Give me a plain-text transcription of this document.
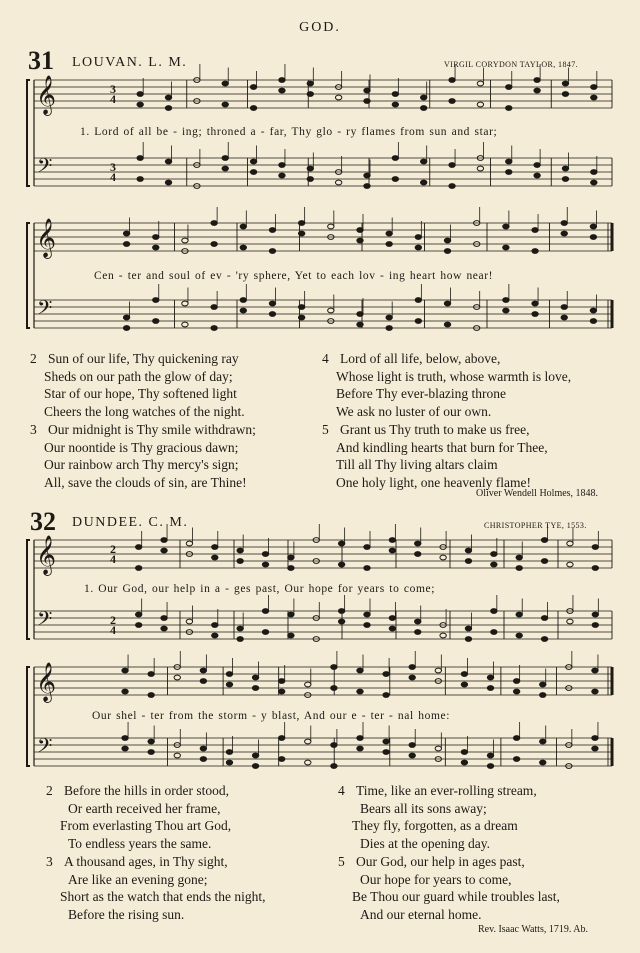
GOD.
31 LOUVAN. L. M.	VIRGIL CORYDON TAYLOR, 1847.
𝄞
𝄢
3
4
3
4
𝄞
𝄢
𝄞
𝄢
2
4
2
4
𝄞
𝄢
1. Lord of all be - ing; throned a - far, Thy glo - ry flames from sun and star;
Cen - ter and soul of ev - 'ry sphere, Yet to each lov - ing heart how near!
2 Sun of our life, Thy quickening ray
Sheds on our path the glow of day;
Star of our hope, Thy softened light
Cheers the long watches of the night.
3 Our midnight is Thy smile withdrawn;
Our noontide is Thy gracious dawn;
Our rainbow arch Thy mercy's sign;
All, save the clouds of sin, are Thine!
4 Lord of all life, below, above,
Whose light is truth, whose warmth is love,
Before Thy ever-blazing throne
We ask no luster of our own.
5 Grant us Thy truth to make us free,
And kindling hearts that burn for Thee,
Till all Thy living altars claim
One holy light, one heavenly flame!
Oliver Wendell Holmes, 1848.
32 DUNDEE. C. M.	CHRISTOPHER TYE, 1553.
1. Our God, our help in a - ges past, Our hope for years to come;
Our shel - ter from the storm - y blast, And our e - ter - nal home:
2 Before the hills in order stood,
Or earth received her frame,
From everlasting Thou art God,
To endless years the same.
3 A thousand ages, in Thy sight,
Are like an evening gone;
Short as the watch that ends the night,
Before the rising sun.
4 Time, like an ever-rolling stream,
Bears all its sons away;
They fly, forgotten, as a dream
Dies at the opening day.
5 Our God, our help in ages past,
Our hope for years to come,
Be Thou our guard while troubles last,
And our eternal home.
Rev. Isaac Watts, 1719. Ab.
